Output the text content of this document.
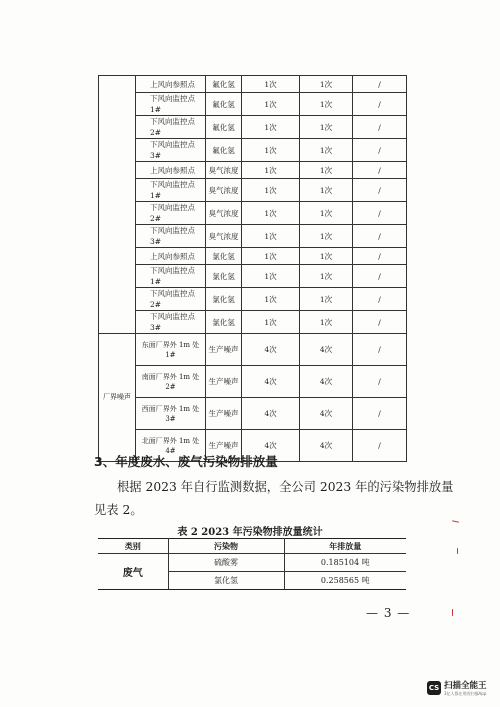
	上风向参照点	氟化氢	1次	1次	/
	下风向监控点 1#	氟化氢	1次	1次	/
	下风向监控点 2#	氟化氢	1次	1次	/
	下风向监控点 3#	氟化氢	1次	1次	/
	上风向参照点	臭气浓度	1次	1次	/
	下风向监控点 1#	臭气浓度	1次	1次	/
	下风向监控点 2#	臭气浓度	1次	1次	/
	下风向监控点 3#	臭气浓度	1次	1次	/
	上风向参照点	氯化氢	1次	1次	/
	下风向监控点 1#	氯化氢	1次	1次	/
	下风向监控点 2#	氯化氢	1次	1次	/
	下风向监控点 3#	氯化氢	1次	1次	/
厂界噪声	东面厂界外 1m 处 1#	生产噪声	4次	4次	/
	南面厂界外 1m 处 2#	生产噪声	4次	4次	/
	西面厂界外 1m 处 3#	生产噪声	4次	4次	/
	北面厂界外 1m 处 4#	生产噪声	4次	4次	/
3、年度废水、废气污染物排放量
根据 2023 年自行监测数据，全公司 2023 年的污染物排放量
见表 2。
表 2 2023 年污染物排放量统计
类别	污染物	年排放量
废气	硫酸雾	0.185104 吨
	氯化氢	0.258565 吨
— 3 —
CS 扫描全能王
3亿人都在用的扫描App
